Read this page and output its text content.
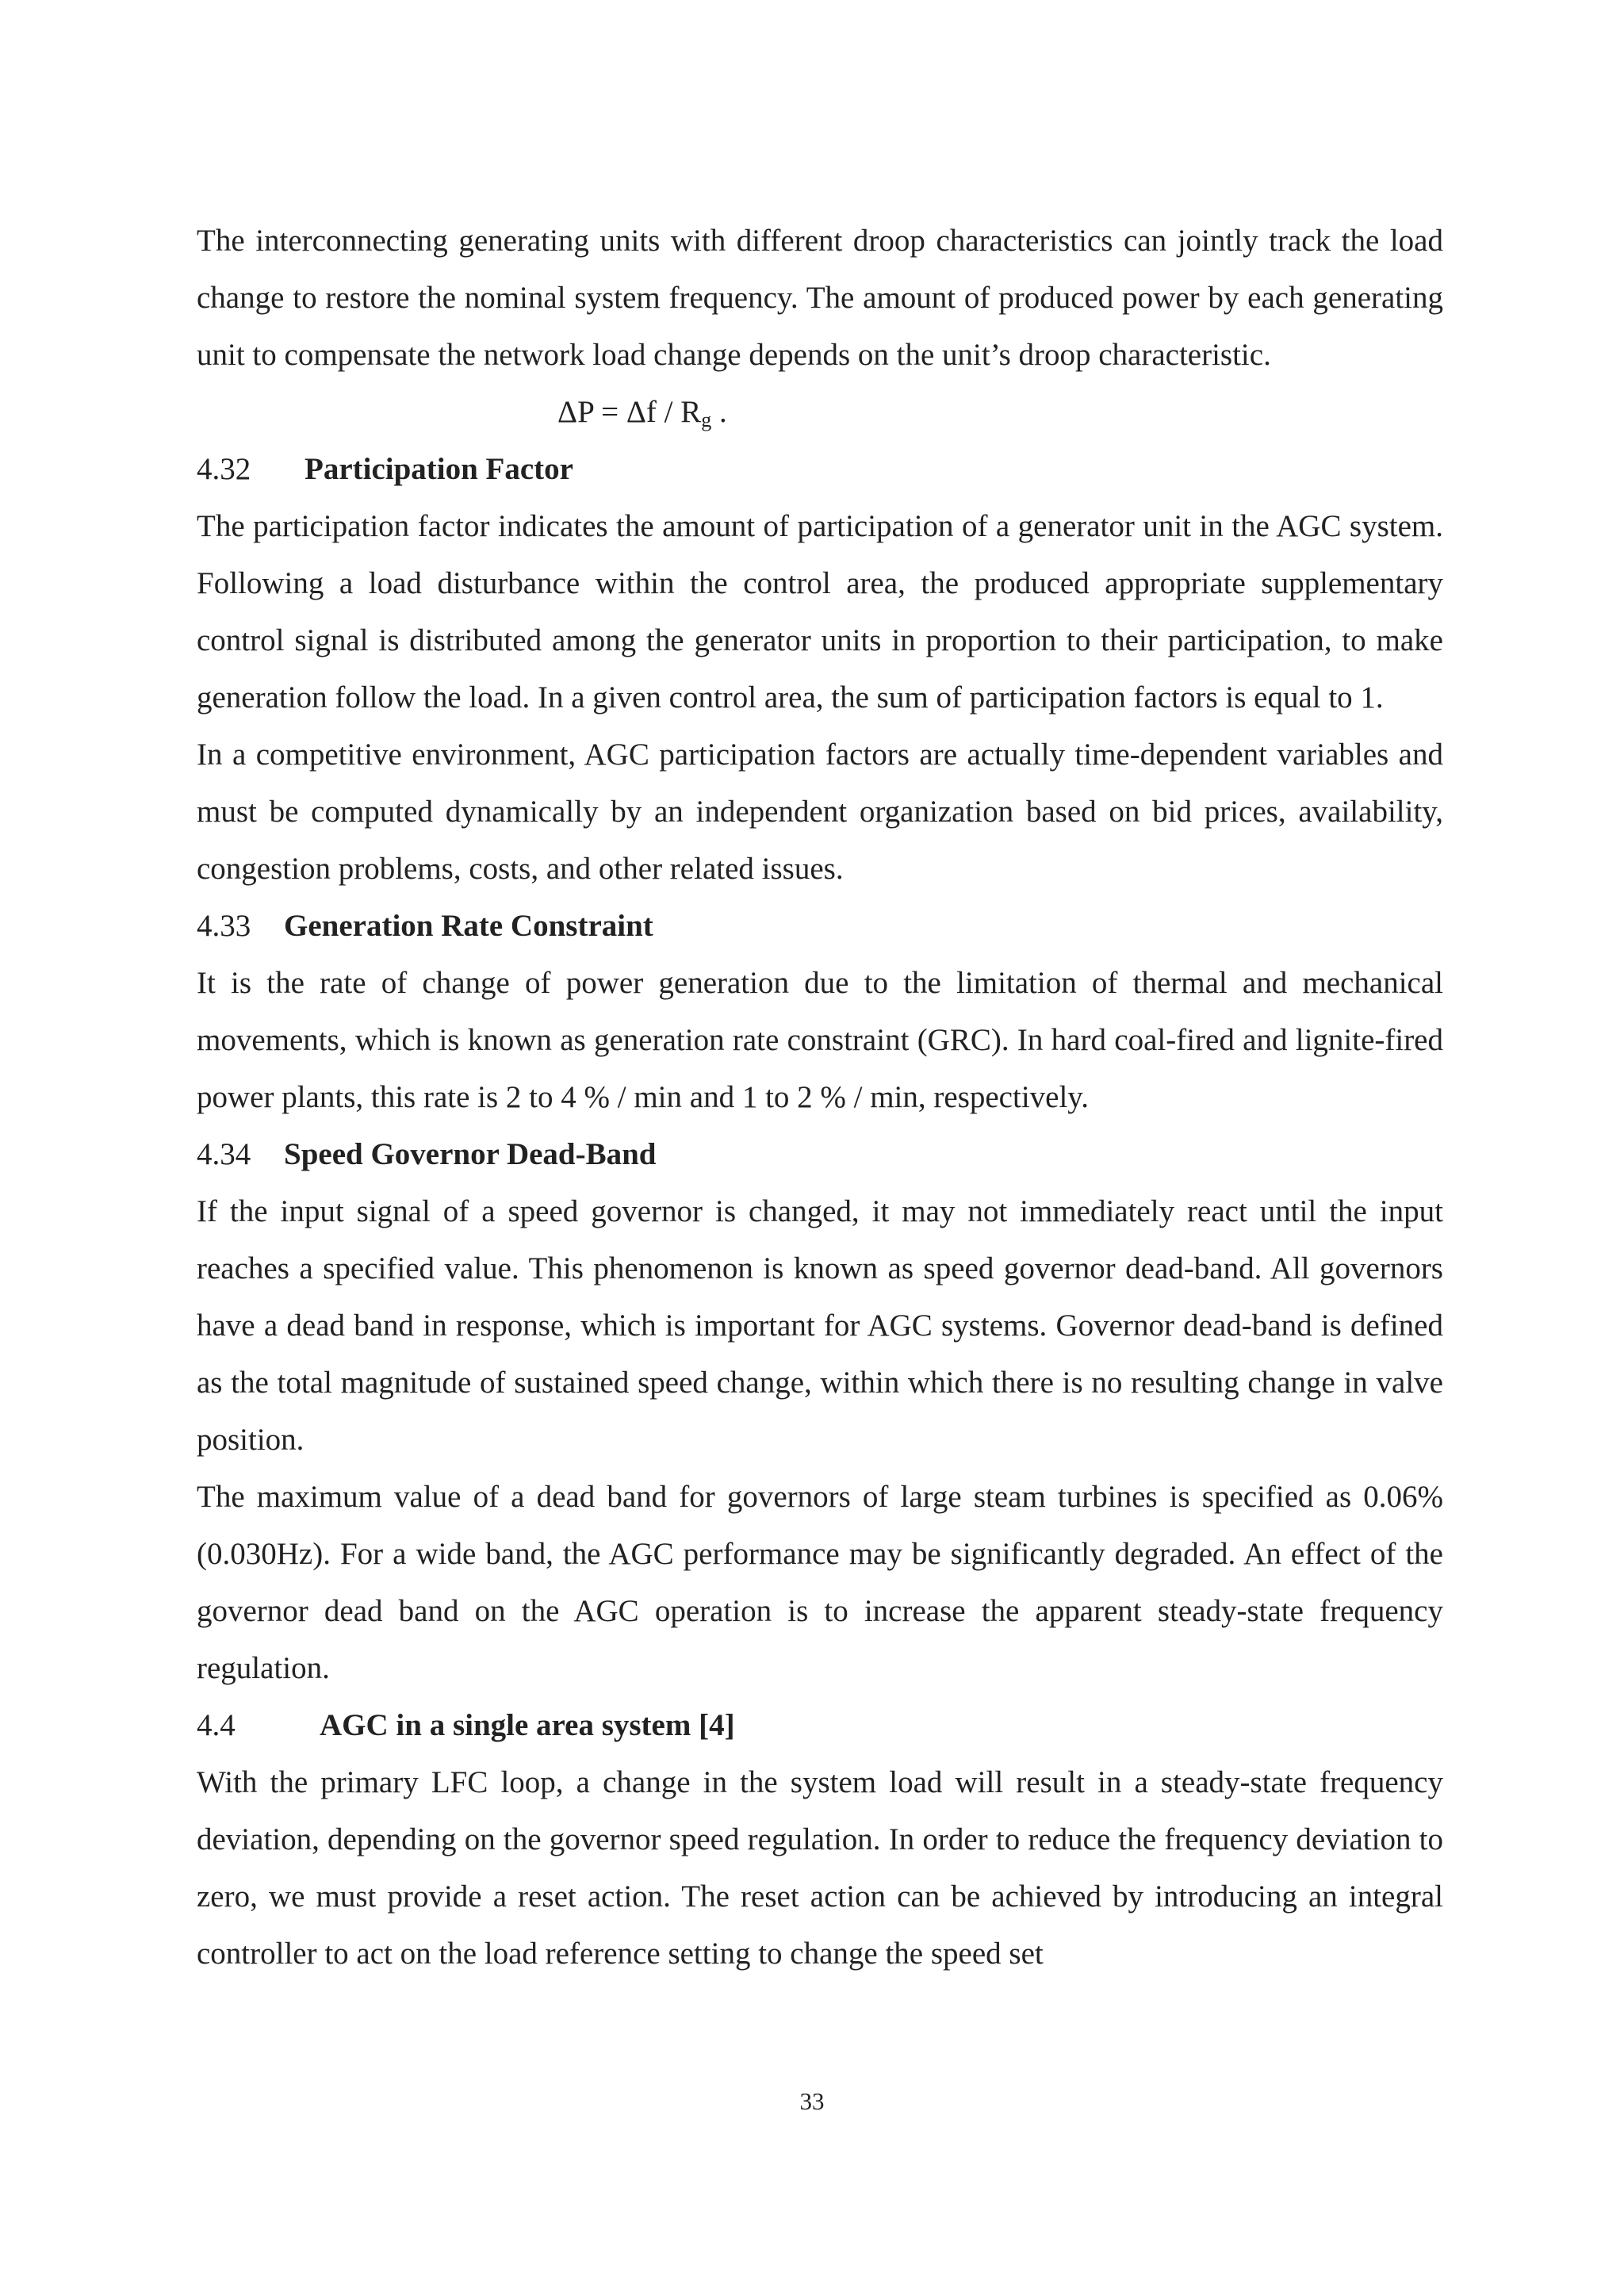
The interconnecting generating units with different droop characteristics can jointly track the load change to restore the nominal system frequency. The amount of produced power by each generating unit to compensate the network load change depends on the unit’s droop characteristic.

$\Delta P = \Delta f / R_g$ .

4.32 Participation Factor

The participation factor indicates the amount of participation of a generator unit in the AGC system. Following a load disturbance within the control area, the produced appropriate supplementary control signal is distributed among the generator units in proportion to their participation, to make generation follow the load. In a given control area, the sum of participation factors is equal to 1.

In a competitive environment, AGC participation factors are actually time-dependent variables and must be computed dynamically by an independent organization based on bid prices, availability, congestion problems, costs, and other related issues.

4.33 Generation Rate Constraint

It is the rate of change of power generation due to the limitation of thermal and mechanical movements, which is known as generation rate constraint (GRC). In hard coal-fired and lignite-fired power plants, this rate is 2 to 4 % / min and 1 to 2 % / min, respectively.

4.34 Speed Governor Dead-Band

If the input signal of a speed governor is changed, it may not immediately react until the input reaches a specified value. This phenomenon is known as speed governor dead-band. All governors have a dead band in response, which is important for AGC systems. Governor dead-band is defined as the total magnitude of sustained speed change, within which there is no resulting change in valve position.

The maximum value of a dead band for governors of large steam turbines is specified as 0.06%(0.030Hz). For a wide band, the AGC performance may be significantly degraded. An effect of the governor dead band on the AGC operation is to increase the apparent steady-state frequency regulation.

4.4	AGC in a single area system [4]

With the primary LFC loop, a change in the system load will result in a steady-state frequency deviation, depending on the governor speed regulation. In order to reduce the frequency deviation to zero, we must provide a reset action. The reset action can be achieved by introducing an integral controller to act on the load reference setting to change the speed set

33
